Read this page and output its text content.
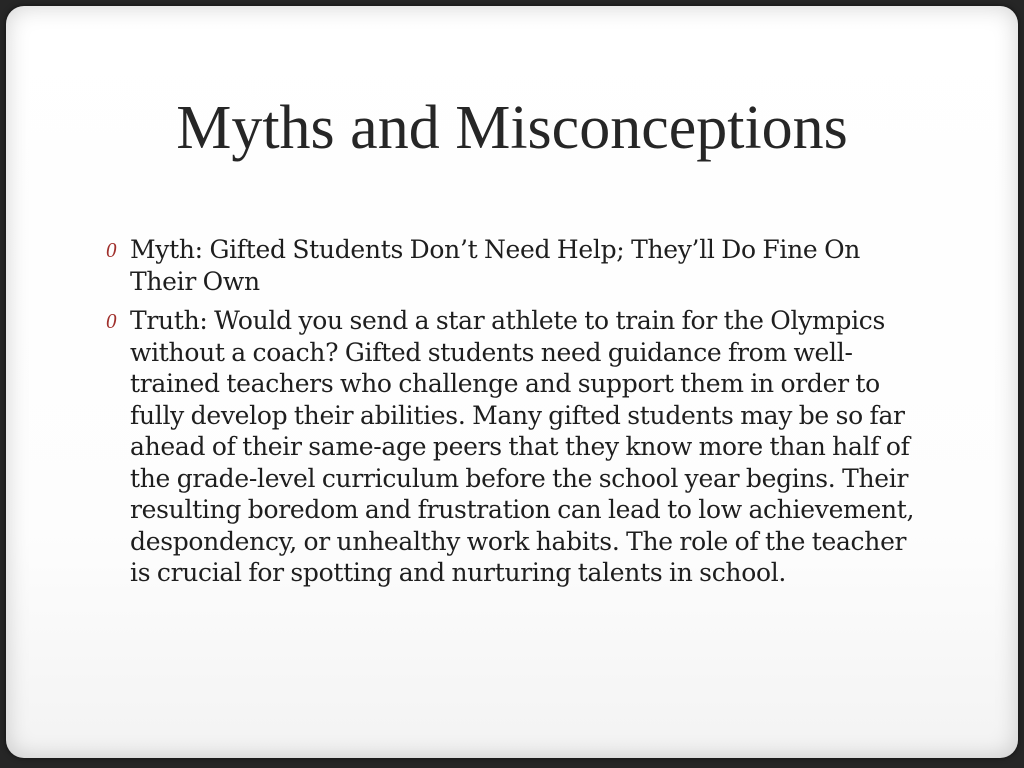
Myths and Misconceptions
0 Myth: Gifted Students Don’t Need Help; They’ll Do Fine On Their Own
0 Truth: Would you send a star athlete to train for the Olympics without a coach? Gifted students need guidance from well-trained teachers who challenge and support them in order to fully develop their abilities. Many gifted students may be so far ahead of their same-age peers that they know more than half of the grade-level curriculum before the school year begins. Their resulting boredom and frustration can lead to low achievement, despondency, or unhealthy work habits. The role of the teacher is crucial for spotting and nurturing talents in school.
